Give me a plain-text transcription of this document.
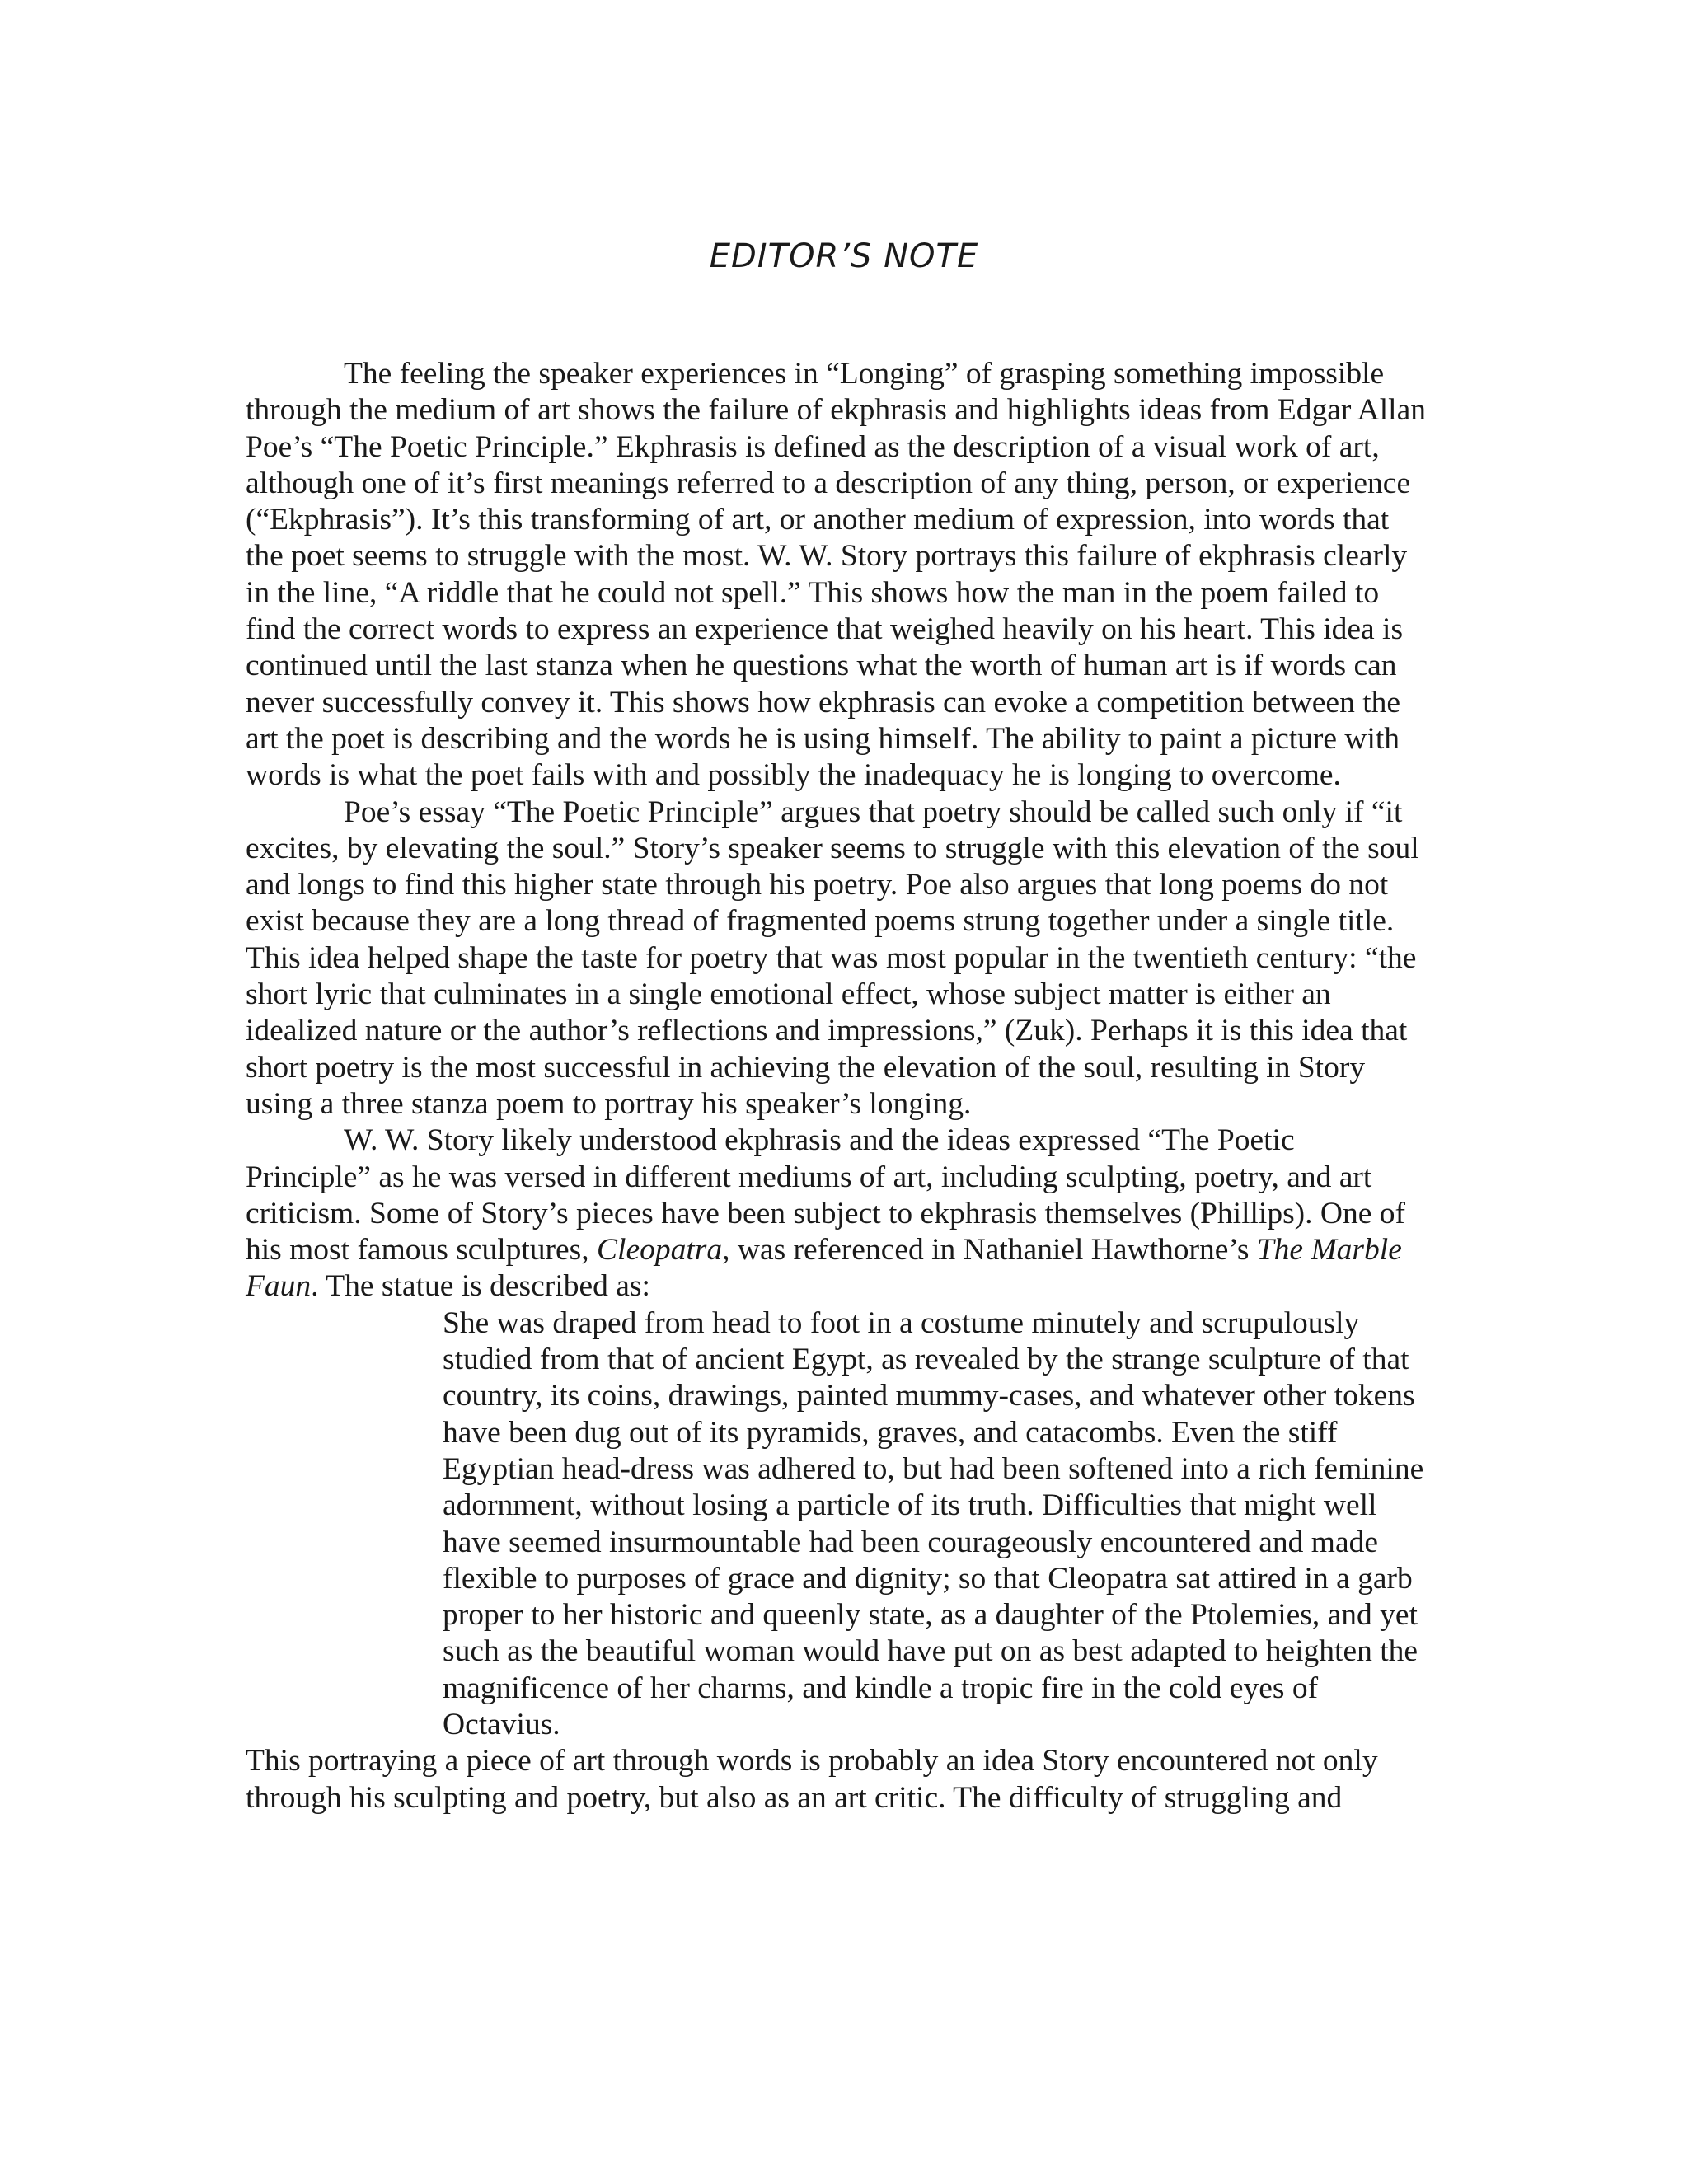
EDITOR’S NOTE

The feeling the speaker experiences in “Longing” of grasping something impossible through the medium of art shows the failure of ekphrasis and highlights ideas from Edgar Allan Poe’s “The Poetic Principle.” Ekphrasis is defined as the description of a visual work of art, although one of it’s first meanings referred to a description of any thing, person, or experience (“Ekphrasis”). It’s this transforming of art, or another medium of expression, into words that the poet seems to struggle with the most. W. W. Story portrays this failure of ekphrasis clearly in the line, “A riddle that he could not spell.” This shows how the man in the poem failed to find the correct words to express an experience that weighed heavily on his heart. This idea is continued until the last stanza when he questions what the worth of human art is if words can never successfully convey it. This shows how ekphrasis can evoke a competition between the art the poet is describing and the words he is using himself. The ability to paint a picture with words is what the poet fails with and possibly the inadequacy he is longing to overcome.

Poe’s essay “The Poetic Principle” argues that poetry should be called such only if “it excites, by elevating the soul.” Story’s speaker seems to struggle with this elevation of the soul and longs to find this higher state through his poetry. Poe also argues that long poems do not exist because they are a long thread of fragmented poems strung together under a single title. This idea helped shape the taste for poetry that was most popular in the twentieth century: “the short lyric that culminates in a single emotional effect, whose subject matter is either an idealized nature or the author’s reflections and impressions,” (Zuk). Perhaps it is this idea that short poetry is the most successful in achieving the elevation of the soul, resulting in Story using a three stanza poem to portray his speaker’s longing.

W. W. Story likely understood ekphrasis and the ideas expressed “The Poetic Principle” as he was versed in different mediums of art, including sculpting, poetry, and art criticism. Some of Story’s pieces have been subject to ekphrasis themselves (Phillips). One of his most famous sculptures, Cleopatra, was referenced in Nathaniel Hawthorne’s The Marble Faun. The statue is described as:

She was draped from head to foot in a costume minutely and scrupulously studied from that of ancient Egypt, as revealed by the strange sculpture of that country, its coins, drawings, painted mummy-cases, and whatever other tokens have been dug out of its pyramids, graves, and catacombs. Even the stiff Egyptian head-dress was adhered to, but had been softened into a rich feminine adornment, without losing a particle of its truth. Difficulties that might well have seemed insurmountable had been courageously encountered and made flexible to purposes of grace and dignity; so that Cleopatra sat attired in a garb proper to her historic and queenly state, as a daughter of the Ptolemies, and yet such as the beautiful woman would have put on as best adapted to heighten the magnificence of her charms, and kindle a tropic fire in the cold eyes of Octavius.

This portraying a piece of art through words is probably an idea Story encountered not only through his sculpting and poetry, but also as an art critic. The difficulty of struggling and
